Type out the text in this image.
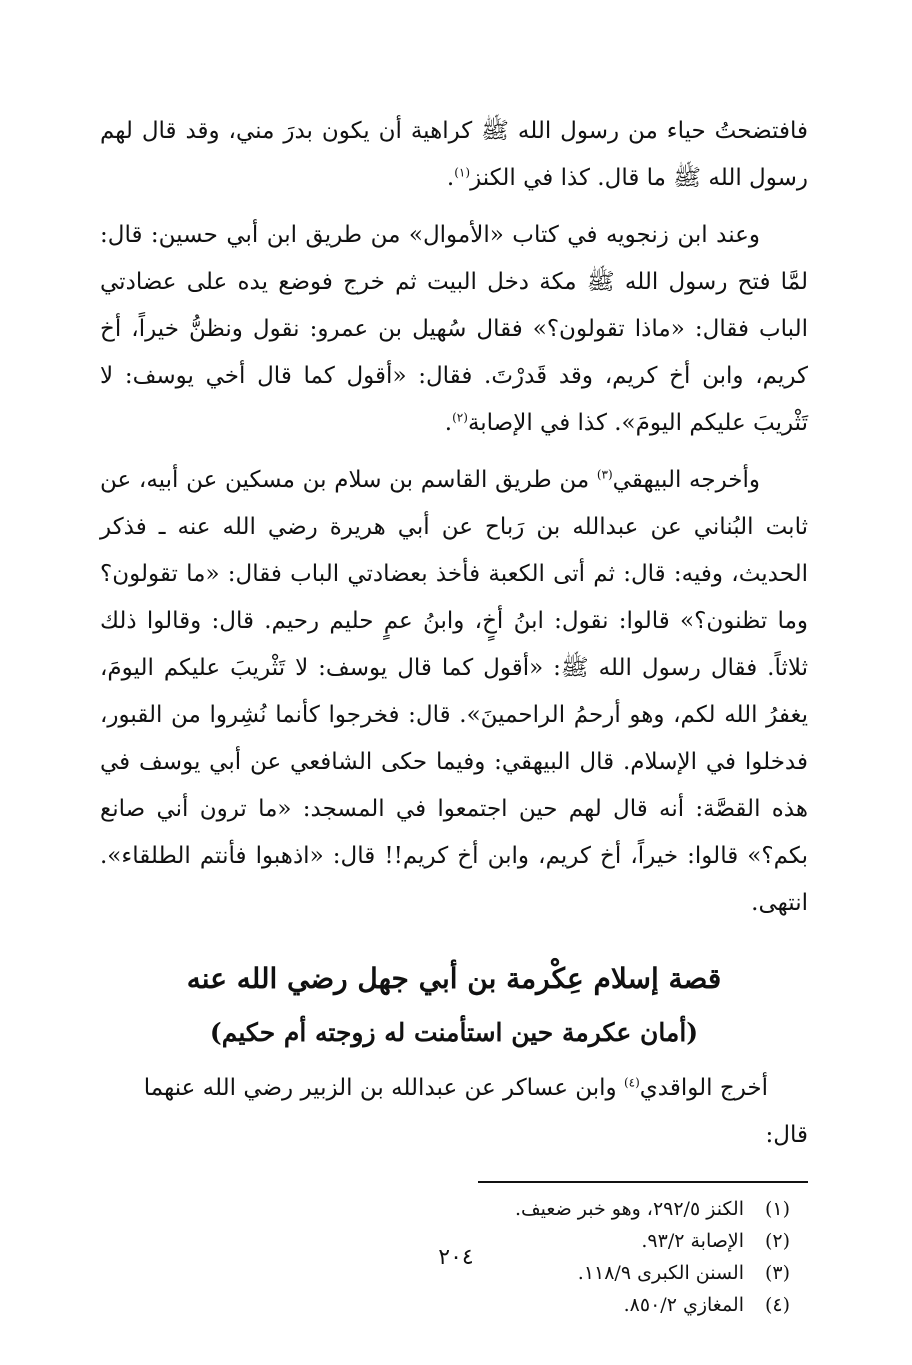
فافتضحتُ حياء من رسول الله ﷺ كراهية أن يكون بدرَ مني، وقد قال لهم رسول الله ﷺ ما قال. كذا في الكنز$^{(١)}$.

وعند ابن زنجويه في كتاب «الأموال» من طريق ابن أبي حسين: قال: لمَّا فتح رسول الله ﷺ مكة دخل البيت ثم خرج فوضع يده على عضادتي الباب فقال: «ماذا تقولون؟» فقال سُهيل بن عمرو: نقول ونظنُّ خيراً، أخ كريم، وابن أخ كريم، وقد قَدرْتَ. فقال: «أقول كما قال أخي يوسف: لا تَثْريبَ عليكم اليومَ». كذا في الإصابة$^{(٢)}$.

وأخرجه البيهقي$^{(٣)}$ من طريق القاسم بن سلام بن مسكين عن أبيه، عن ثابت البُناني عن عبدالله بن رَباح عن أبي هريرة رضي الله عنه ـ فذكر الحديث، وفيه: قال: ثم أتى الكعبة فأخذ بعضادتي الباب فقال: «ما تقولون؟ وما تظنون؟» قالوا: نقول: ابنُ أخٍ، وابنُ عمٍ حليم رحيم. قال: وقالوا ذلك ثلاثاً. فقال رسول الله ﷺ: «أقول كما قال يوسف: لا تَثْريبَ عليكم اليومَ، يغفرُ الله لكم، وهو أرحمُ الراحمينَ». قال: فخرجوا كأنما نُشِروا من القبور، فدخلوا في الإسلام. قال البيهقي: وفيما حكى الشافعي عن أبي يوسف في هذه القصَّة: أنه قال لهم حين اجتمعوا في المسجد: «ما ترون أني صانع بكم؟» قالوا: خيراً، أخ كريم، وابن أخ كريم!! قال: «اذهبوا فأنتم الطلقاء». انتهى.

قصة إسلام عِكْرمة بن أبي جهل رضي الله عنه
(أمان عكرمة حين استأمنت له زوجته أم حكيم)

أخرج الواقدي$^{(٤)}$ وابن عساكر عن عبدالله بن الزبير رضي الله عنهما قال:

(١)
الكنز ٢٩٢/٥، وهو خبر ضعيف.
(٢)
الإصابة ٩٣/٢.
(٣)
السنن الكبرى ١١٨/٩.
(٤)
المغازي ٨٥٠/٢.
٢٠٤
